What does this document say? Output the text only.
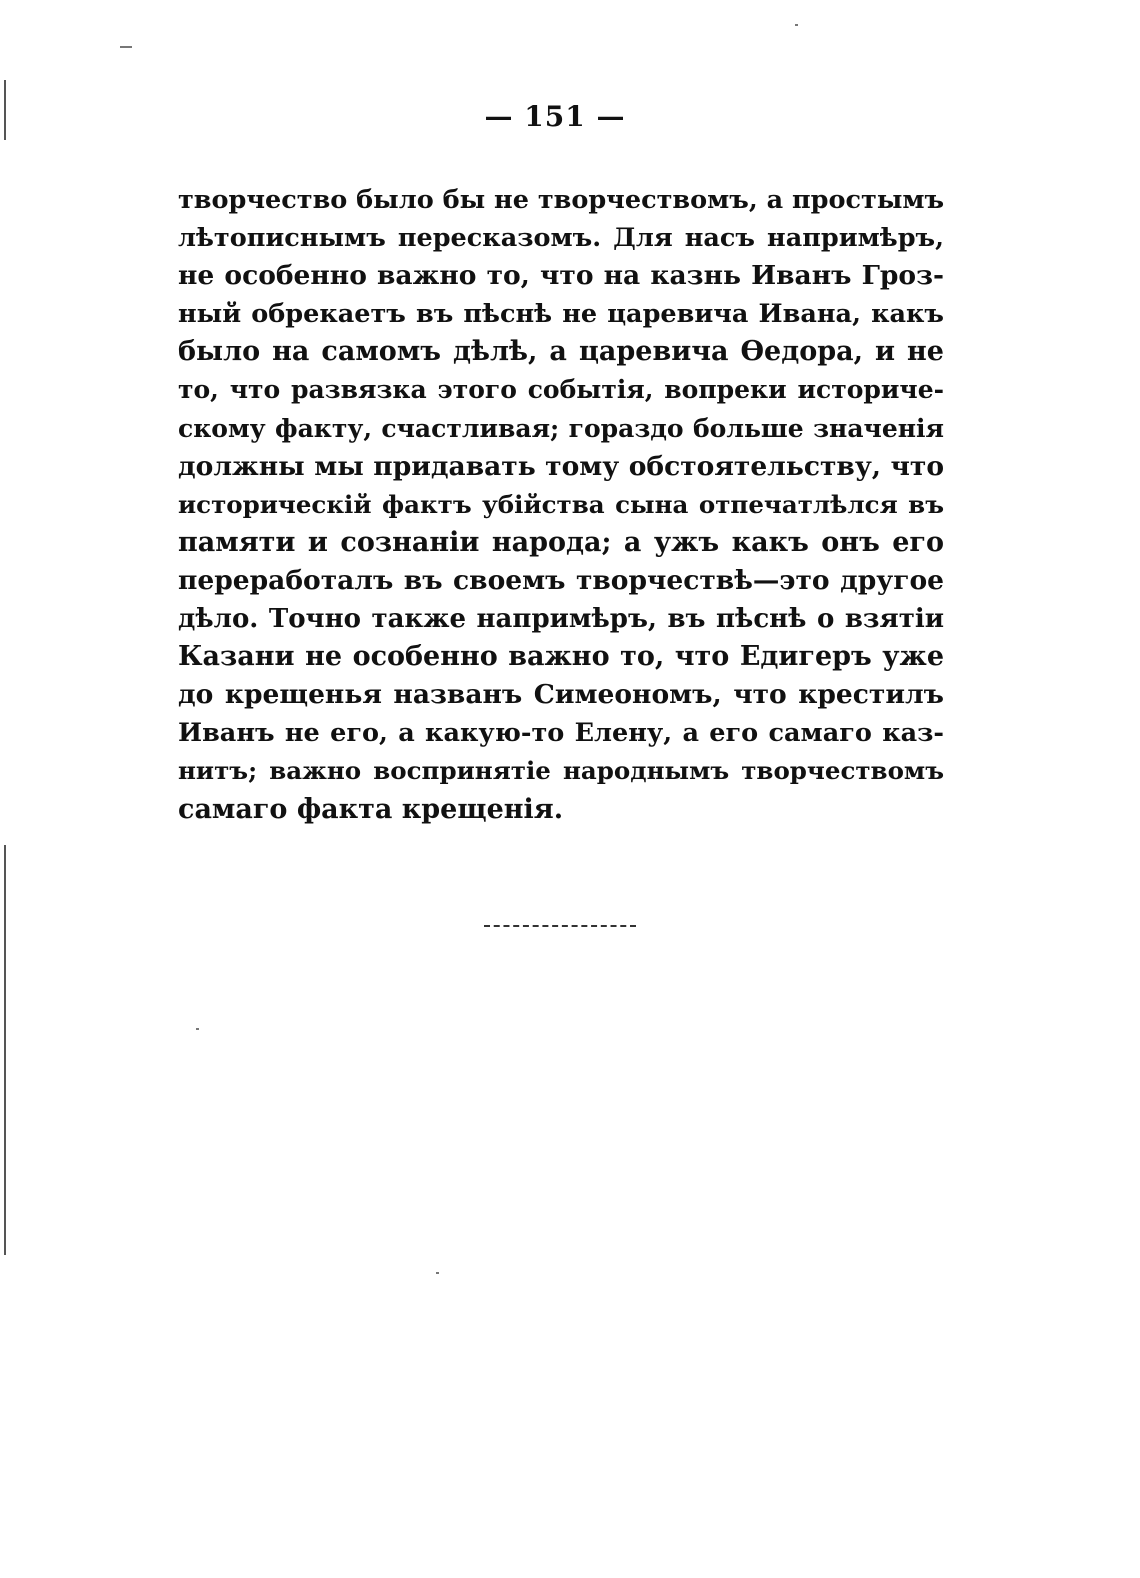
— 151 —
творчество было бы не творчествомъ, а простымъ
лѣтописнымъ пересказомъ. Для насъ напримѣръ,
не особенно важно то, что на казнь Иванъ Гроз-
ный обрекаетъ въ пѣснѣ не царевича Ивана, какъ
было на самомъ дѣлѣ, а царевича Ѳедора, и не
то, что развязка этого событія, вопреки историче-
скому факту, счастливая; гораздо больше значенія
должны мы придавать тому обстоятельству, что
историческій фактъ убійства сына отпечатлѣлся въ
памяти и сознаніи народа; а ужъ какъ онъ его
переработалъ въ своемъ творчествѣ—это другое
дѣло. Точно также напримѣръ, въ пѣснѣ о взятіи
Казани не особенно важно то, что Едигеръ уже
до крещенья названъ Симеономъ, что крестилъ
Иванъ не его, а какую-то Елену, а его самаго каз-
нитъ; важно воспринятіе народнымъ творчествомъ
самаго факта крещенія.
